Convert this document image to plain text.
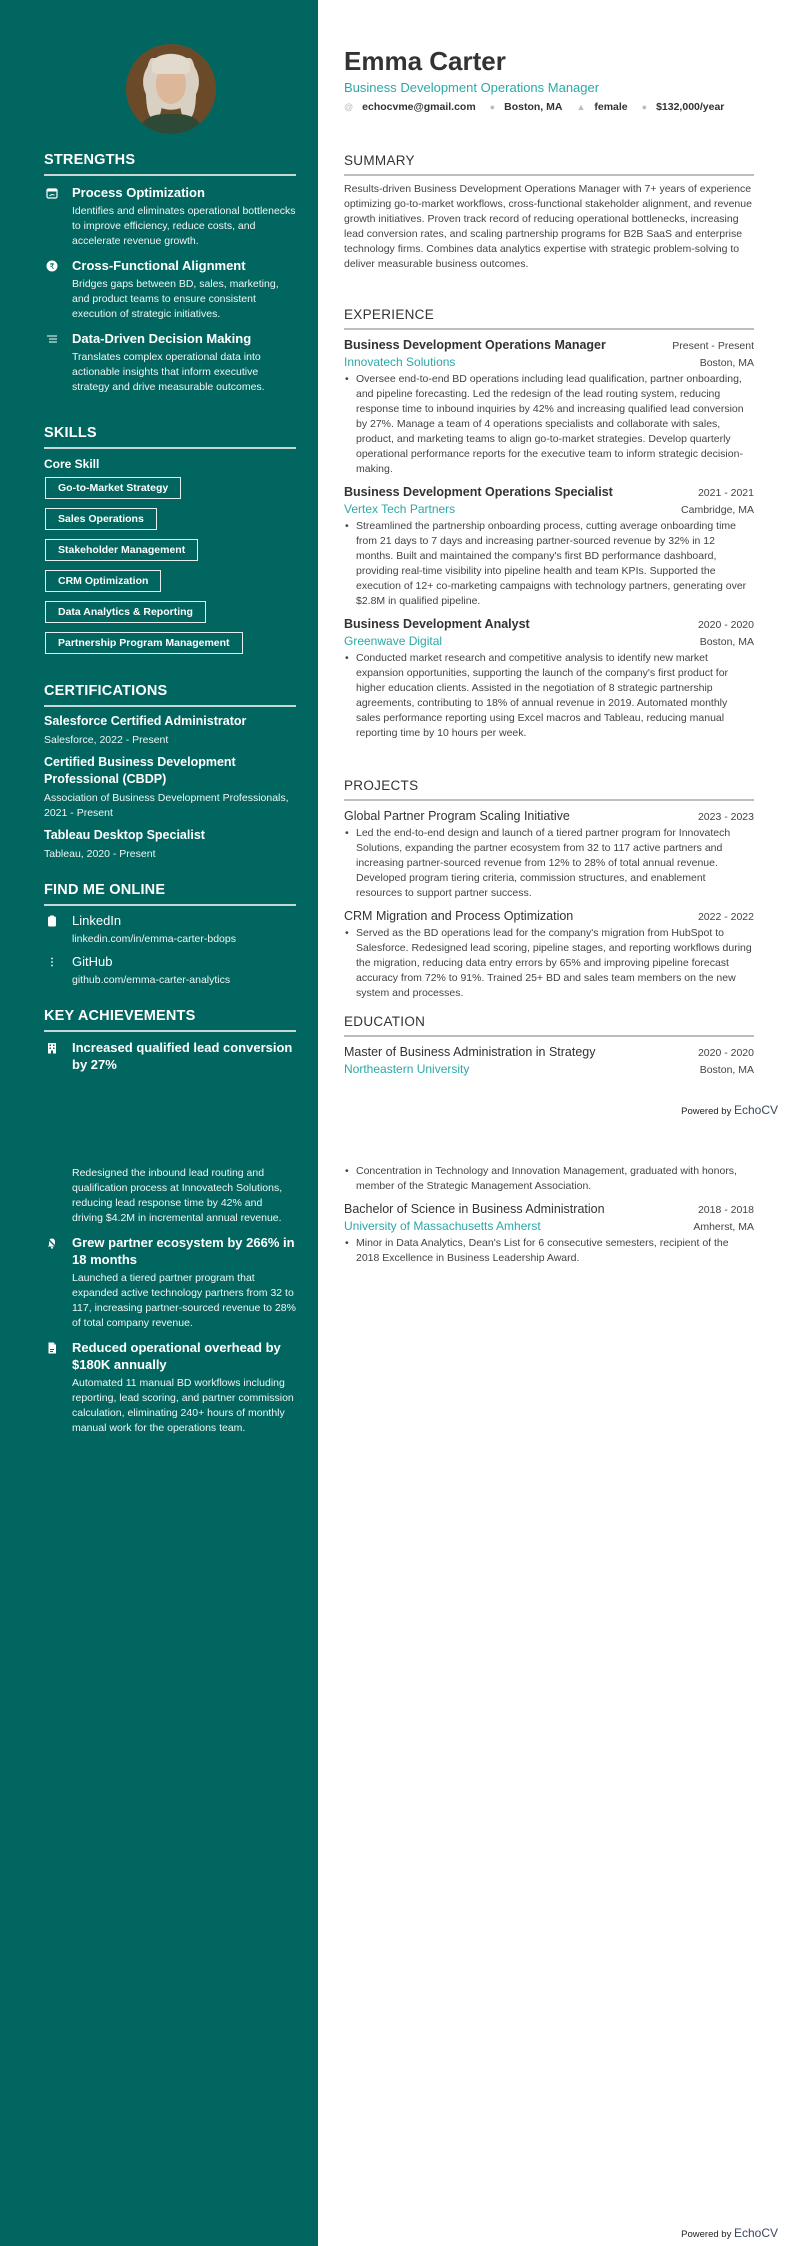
STRENGTHS
Process Optimization
Identifies and eliminates operational bottlenecks to improve efficiency, reduce costs, and accelerate revenue growth.
₹ Cross-Functional Alignment
Bridges gaps between BD, sales, marketing, and product teams to ensure consistent execution of strategic initiatives.
Data-Driven Decision Making
Translates complex operational data into actionable insights that inform executive strategy and drive measurable outcomes.
SKILLS
Core Skill
Go-to-Market Strategy
Sales Operations
Stakeholder Management
CRM Optimization
Data Analytics & Reporting
Partnership Program Management
CERTIFICATIONS
Salesforce Certified Administrator
Salesforce, 2022 - Present
Certified Business Development Professional (CBDP)
Association of Business Development Professionals, 2021 - Present
Tableau Desktop Specialist
Tableau, 2020 - Present
FIND ME ONLINE
LinkedIn
linkedin.com/in/emma-carter-bdops
GitHub
github.com/emma-carter-analytics
KEY ACHIEVEMENTS
Increased qualified lead conversion by 27%
Redesigned the inbound lead routing and qualification process at Innovatech Solutions, reducing lead response time by 42% and driving $4.2M in incremental annual revenue.
Grew partner ecosystem by 266% in 18 months
Launched a tiered partner program that expanded active technology partners from 32 to 117, increasing partner-sourced revenue to 28% of total company revenue.
Reduced operational overhead by $180K annually
Automated 11 manual BD workflows including reporting, lead scoring, and partner commission calculation, eliminating 240+ hours of monthly manual work for the operations team.
Emma Carter
Business Development Operations Manager
@ echocvme@gmail.com ● Boston, MA ▲ female ● $132,000/year
SUMMARY

Results-driven Business Development Operations Manager with 7+ years of experience optimizing go-to-market workflows, cross-functional stakeholder alignment, and revenue growth initiatives. Proven track record of reducing operational bottlenecks, increasing lead conversion rates, and scaling partnership programs for B2B SaaS and enterprise technology firms. Combines data analytics expertise with strategic problem-solving to deliver measurable business outcomes.

EXPERIENCE
Business Development Operations Manager	Present - Present
Innovatech Solutions	Boston, MA
• Oversee end-to-end BD operations including lead qualification, partner onboarding, and pipeline forecasting. Led the redesign of the lead routing system, reducing response time to inbound inquiries by 42% and increasing qualified lead conversion by 27%. Manage a team of 4 operations specialists and collaborate with sales, product, and marketing teams to align go-to-market strategies. Develop quarterly operational performance reports for the executive team to inform strategic decision-making.
Business Development Operations Specialist	2021 - 2021
Vertex Tech Partners	Cambridge, MA
• Streamlined the partnership onboarding process, cutting average onboarding time from 21 days to 7 days and increasing partner-sourced revenue by 32% in 12 months. Built and maintained the company's first BD performance dashboard, providing real-time visibility into pipeline health and team KPIs. Supported the execution of 12+ co-marketing campaigns with technology partners, generating over $2.8M in qualified pipeline.
Business Development Analyst	2020 - 2020
Greenwave Digital	Boston, MA
• Conducted market research and competitive analysis to identify new market expansion opportunities, supporting the launch of the company's first product for higher education clients. Assisted in the negotiation of 8 strategic partnership agreements, contributing to 18% of annual revenue in 2019. Automated monthly sales performance reporting using Excel macros and Tableau, reducing manual reporting time by 10 hours per week.
PROJECTS
Global Partner Program Scaling Initiative	2023 - 2023
• Led the end-to-end design and launch of a tiered partner program for Innovatech Solutions, expanding the partner ecosystem from 32 to 117 active partners and increasing partner-sourced revenue from 12% to 28% of total annual revenue. Developed program tiering criteria, commission structures, and enablement resources to support partner success.
CRM Migration and Process Optimization	2022 - 2022
• Served as the BD operations lead for the company's migration from HubSpot to Salesforce. Redesigned lead scoring, pipeline stages, and reporting workflows during the migration, reducing data entry errors by 65% and improving pipeline forecast accuracy from 72% to 91%. Trained 25+ BD and sales team members on the new system and processes.
EDUCATION
Master of Business Administration in Strategy	2020 - 2020
Northeastern University	Boston, MA
Powered by EchoCV
• Concentration in Technology and Innovation Management, graduated with honors, member of the Strategic Management Association.
Bachelor of Science in Business Administration	2018 - 2018
University of Massachusetts Amherst	Amherst, MA
• Minor in Data Analytics, Dean's List for 6 consecutive semesters, recipient of the 2018 Excellence in Business Leadership Award.
Powered by EchoCV
